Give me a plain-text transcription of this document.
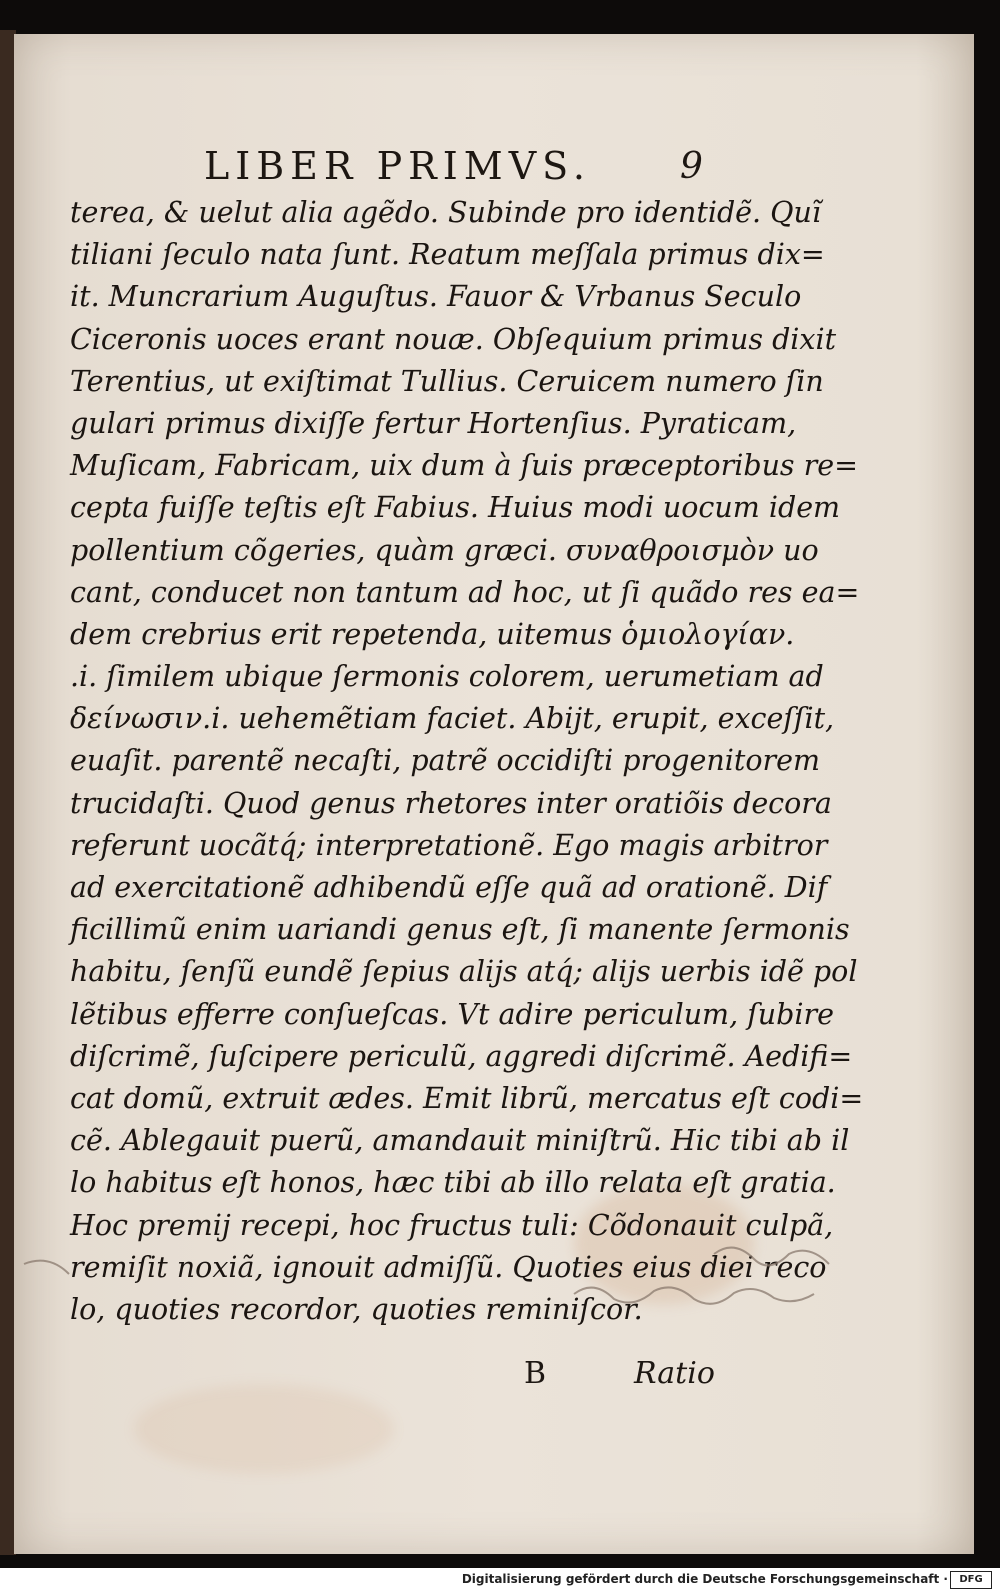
LIBER PRIMVS. 9
terea, & uelut alia agẽdo. Subinde pro identidẽ. Quĩ
tiliani ſeculo nata ſunt. Reatum meſſala primus dix=
it. Muncrarium Auguſtus. Fauor & Vrbanus Seculo
Ciceronis uoces erant nouæ. Obſequium primus dixit
Terentius, ut exiſtimat Tullius. Ceruicem numero ſin
gulari primus dixiſſe fertur Hortenſius. Pyraticam,
Muſicam, Fabricam, uix dum à ſuis præceptoribus re=
cepta fuiſſe teſtis eſt Fabius. Huius modi uocum idem
pollentium cõgeries, quàm græci. συναθροισμὸν uo
cant, conducet non tantum ad hoc, ut ſi quãdo res ea=
dem crebrius erit repetenda, uitemus ὁμιολογίαν.
.i. ſimilem ubique ſermonis colorem, uerumetiam ad
δείνωσιν.i. uehemẽtiam faciet. Abijt, erupit, exceſſit,
euaſit. parentẽ necaſti, patrẽ occidiſti progenitorem
trucidaſti. Quod genus rhetores inter oratiõis decora
referunt uocãtq́; interpretationẽ. Ego magis arbitror
ad exercitationẽ adhibendũ eſſe quã ad orationẽ. Dif
ficillimũ enim uariandi genus eſt, ſi manente ſermonis
habitu, ſenſũ eundẽ ſepius alijs atq́; alijs uerbis idẽ pol
lẽtibus efferre conſueſcas. Vt adire periculum, ſubire
diſcrimẽ, ſuſcipere periculũ, aggredi diſcrimẽ. Aedifi=
cat domũ, extruit ædes. Emit librũ, mercatus eſt codi=
cẽ. Ablegauit puerũ, amandauit miniſtrũ. Hic tibi ab il
lo habitus eſt honos, hæc tibi ab illo relata eſt gratia.
Hoc premij recepi, hoc fructus tuli: Cõdonauit culpã,
remiſit noxiã, ignouit admiſſũ. Quoties eius diei reco
lo, quoties recordor, quoties reminiſcor.
B	Ratio
Digitalisierung gefördert durch die Deutsche Forschungsgemeinschaft ·	DFG
